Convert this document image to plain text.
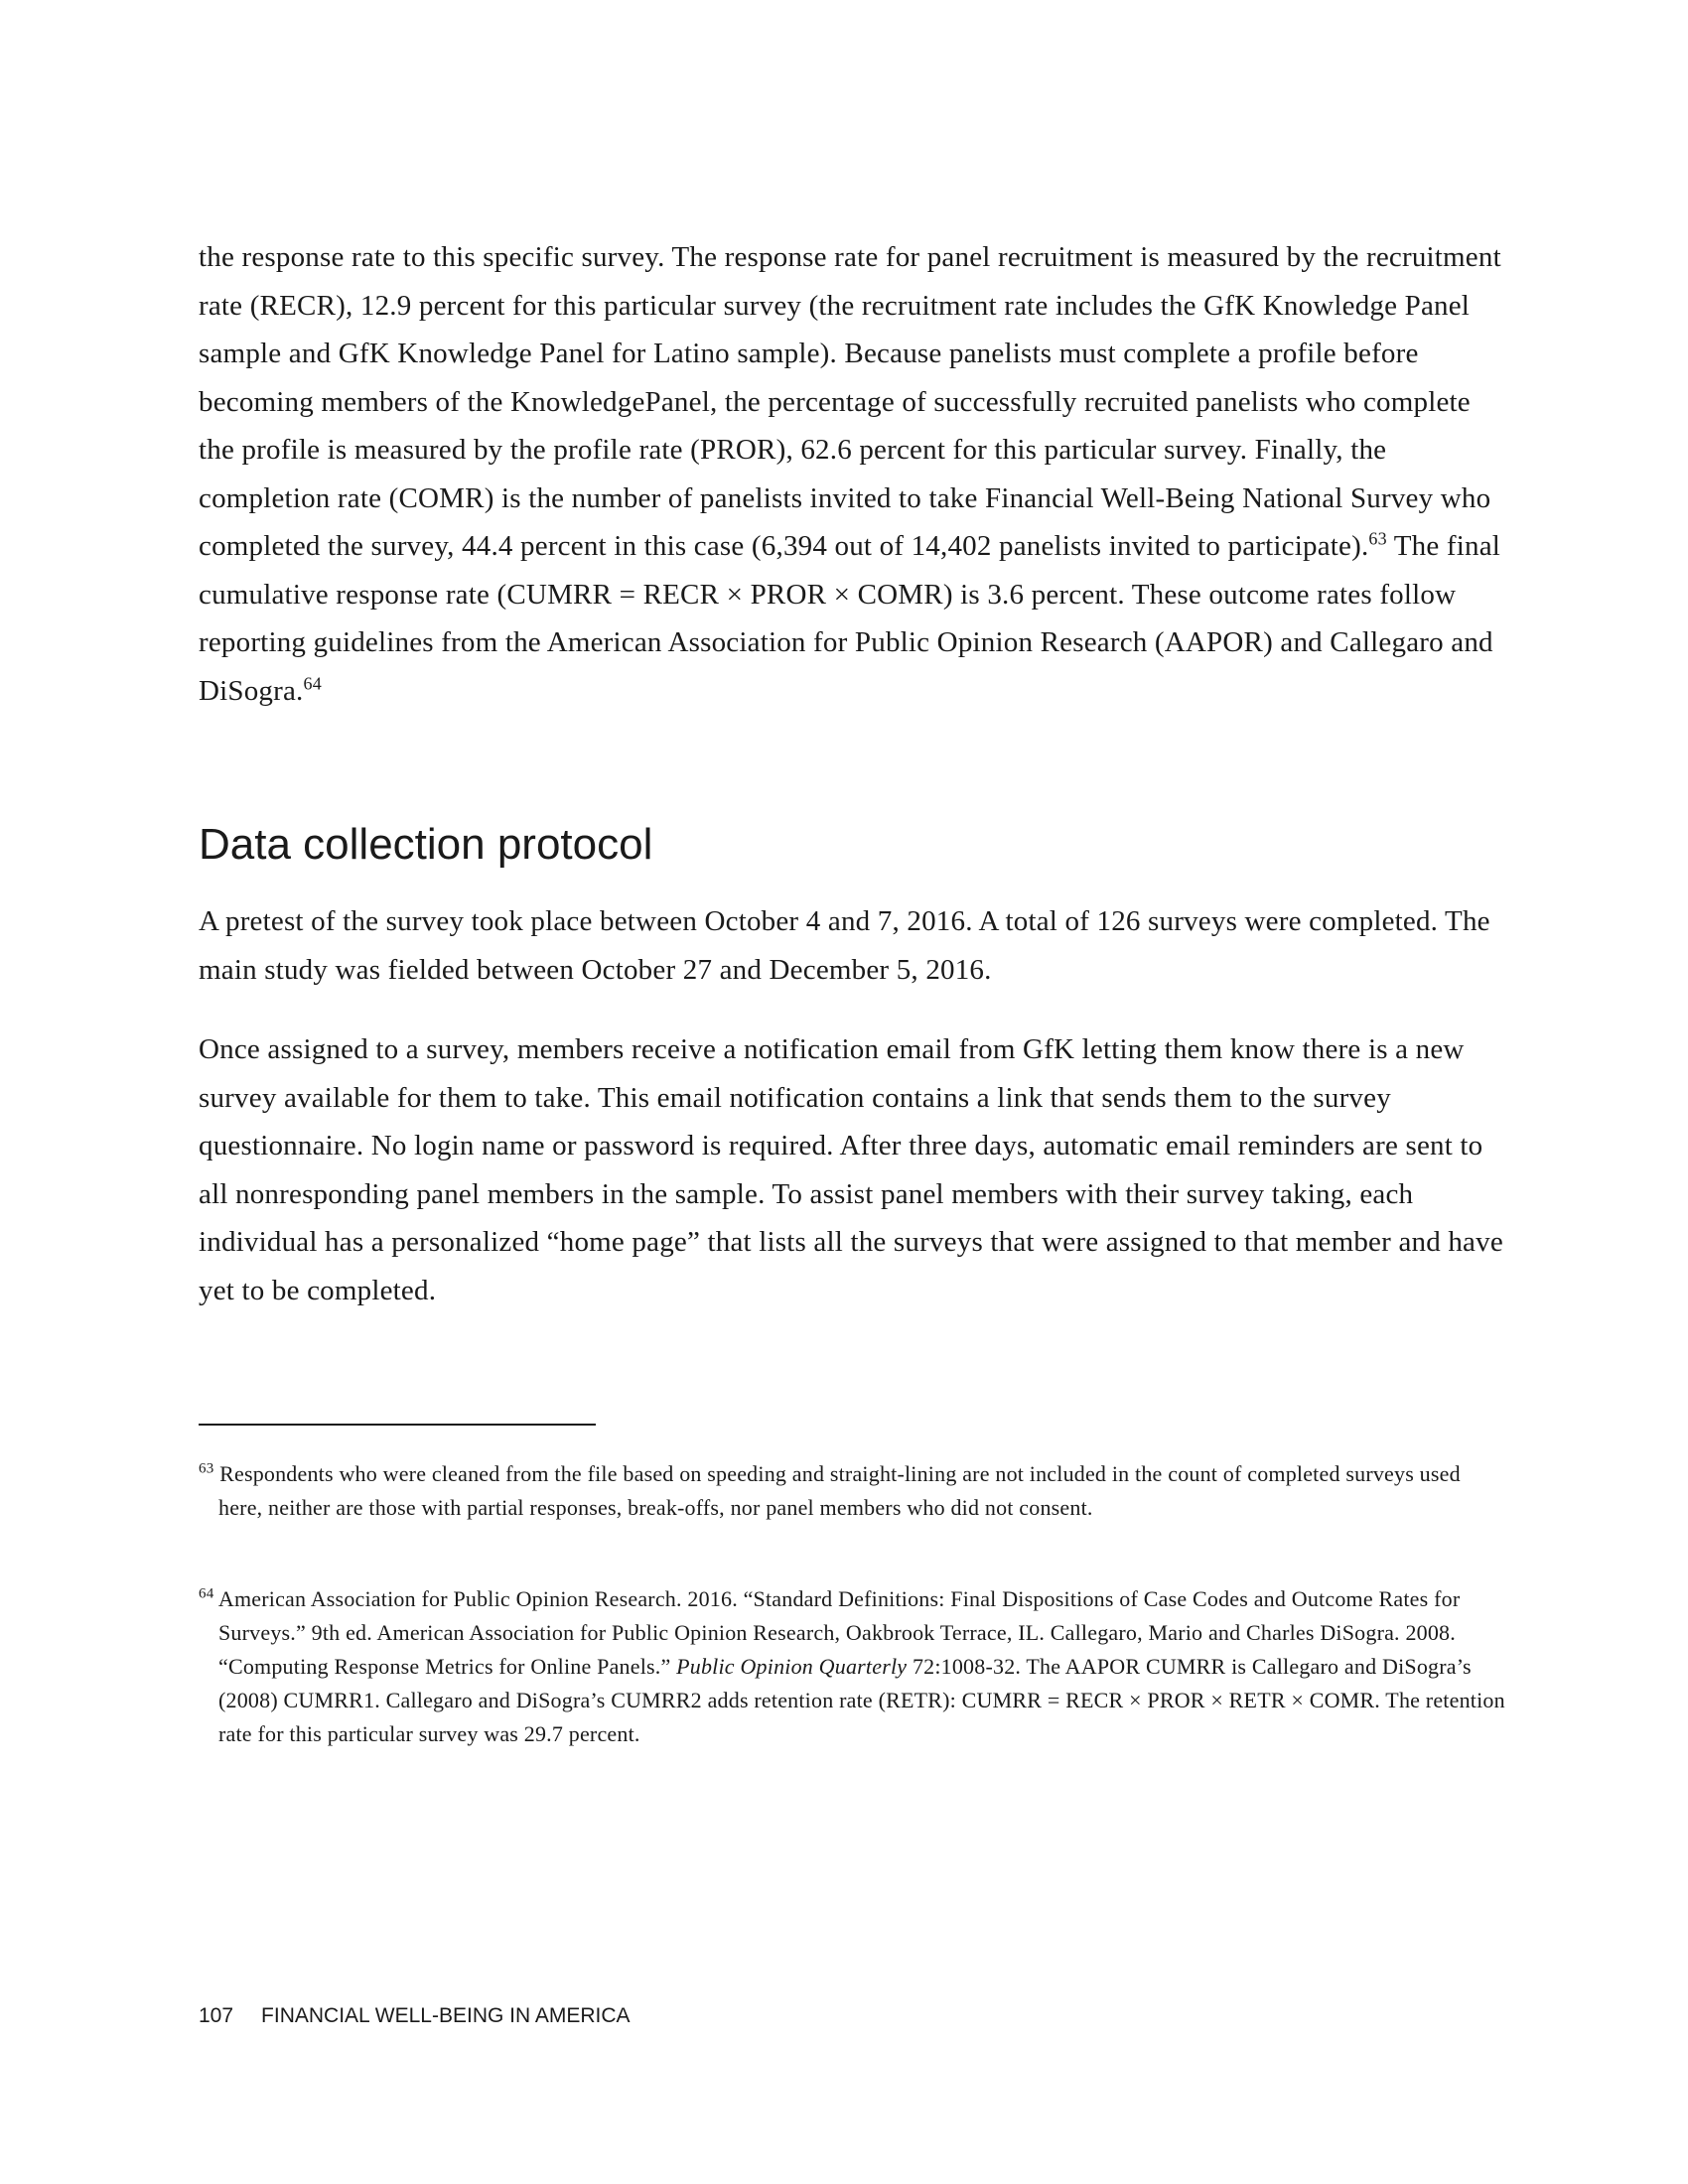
the response rate to this specific survey. The response rate for panel recruitment is measured by the recruitment rate (RECR), 12.9 percent for this particular survey (the recruitment rate includes the GfK Knowledge Panel sample and GfK Knowledge Panel for Latino sample). Because panelists must complete a profile before becoming members of the KnowledgePanel, the percentage of successfully recruited panelists who complete the profile is measured by the profile rate (PROR), 62.6 percent for this particular survey. Finally, the completion rate (COMR) is the number of panelists invited to take Financial Well-Being National Survey who completed the survey, 44.4 percent in this case (6,394 out of 14,402 panelists invited to participate).$^{63}$ The final cumulative response rate (CUMRR = RECR × PROR × COMR) is 3.6 percent. These outcome rates follow reporting guidelines from the American Association for Public Opinion Research (AAPOR) and Callegaro and DiSogra.$^{64}$

Data collection protocol

A pretest of the survey took place between October 4 and 7, 2016. A total of 126 surveys were completed. The main study was fielded between October 27 and December 5, 2016.

Once assigned to a survey, members receive a notification email from GfK letting them know there is a new survey available for them to take. This email notification contains a link that sends them to the survey questionnaire. No login name or password is required. After three days, automatic email reminders are sent to all nonresponding panel members in the sample. To assist panel members with their survey taking, each individual has a personalized “home page” that lists all the surveys that were assigned to that member and have yet to be completed.

$^{63}$ Respondents who were cleaned from the file based on speeding and straight-lining are not included in the count of completed surveys used here, neither are those with partial responses, break-offs, nor panel members who did not consent.

$^{64}$ American Association for Public Opinion Research. 2016. “Standard Definitions: Final Dispositions of Case Codes and Outcome Rates for Surveys.” 9th ed. American Association for Public Opinion Research, Oakbrook Terrace, IL. Callegaro, Mario and Charles DiSogra. 2008. “Computing Response Metrics for Online Panels.” Public Opinion Quarterly 72:1008-32. The AAPOR CUMRR is Callegaro and DiSogra’s (2008) CUMRR1. Callegaro and DiSogra’s CUMRR2 adds retention rate (RETR): CUMRR = RECR × PROR × RETR × COMR. The retention rate for this particular survey was 29.7 percent.

107 FINANCIAL WELL-BEING IN AMERICA
